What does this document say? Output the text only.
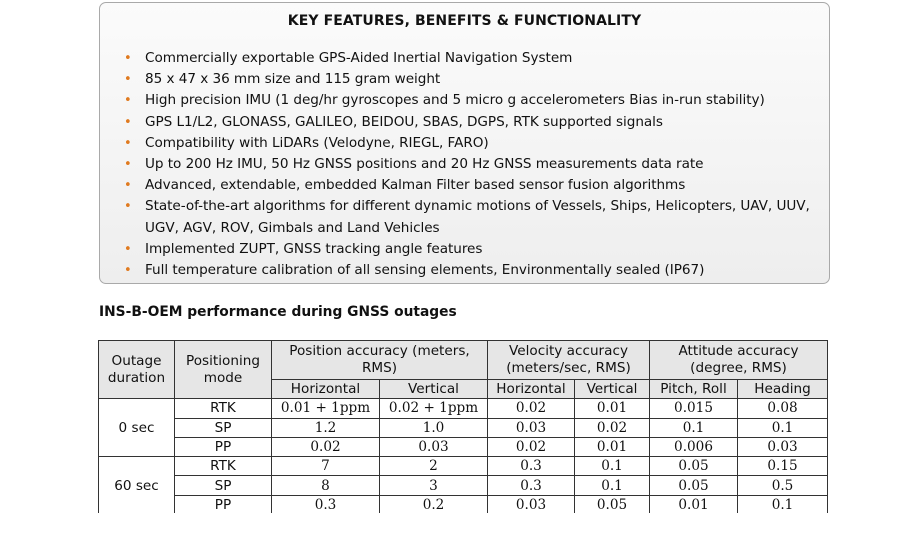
KEY FEATURES, BENEFITS & FUNCTIONALITY
• Commercially exportable GPS-Aided Inertial Navigation System
• 85 x 47 x 36 mm size and 115 gram weight
• High precision IMU (1 deg/hr gyroscopes and 5 micro g accelerometers Bias in-run stability)
• GPS L1/L2, GLONASS, GALILEO, BEIDOU, SBAS, DGPS, RTK supported signals
• Compatibility with LiDARs (Velodyne, RIEGL, FARO)
• Up to 200 Hz IMU, 50 Hz GNSS positions and 20 Hz GNSS measurements data rate
• Advanced, extendable, embedded Kalman Filter based sensor fusion algorithms
• State-of-the-art algorithms for different dynamic motions of Vessels, Ships, Helicopters, UAV, UUV, UGV, AGV, ROV, Gimbals and Land Vehicles
• Implemented ZUPT, GNSS tracking angle features
• Full temperature calibration of all sensing elements, Environmentally sealed (IP67)
INS-B-OEM performance during GNSS outages
Outage duration	Positioning mode	Position accuracy (meters, RMS)		Velocity accuracy (meters/sec, RMS)		Attitude accuracy (degree, RMS)	
		Horizontal	Vertical	Horizontal	Vertical	Pitch, Roll	Heading
0 sec	RTK	0.01 + 1ppm	0.02 + 1ppm	0.02	0.01	0.015	0.08
	SP	1.2	1.0	0.03	0.02	0.1	0.1
	PP	0.02	0.03	0.02	0.01	0.006	0.03
60 sec	RTK	7	2	0.3	0.1	0.05	0.15
	SP	8	3	0.3	0.1	0.05	0.5
	PP	0.3	0.2	0.03	0.05	0.01	0.1
